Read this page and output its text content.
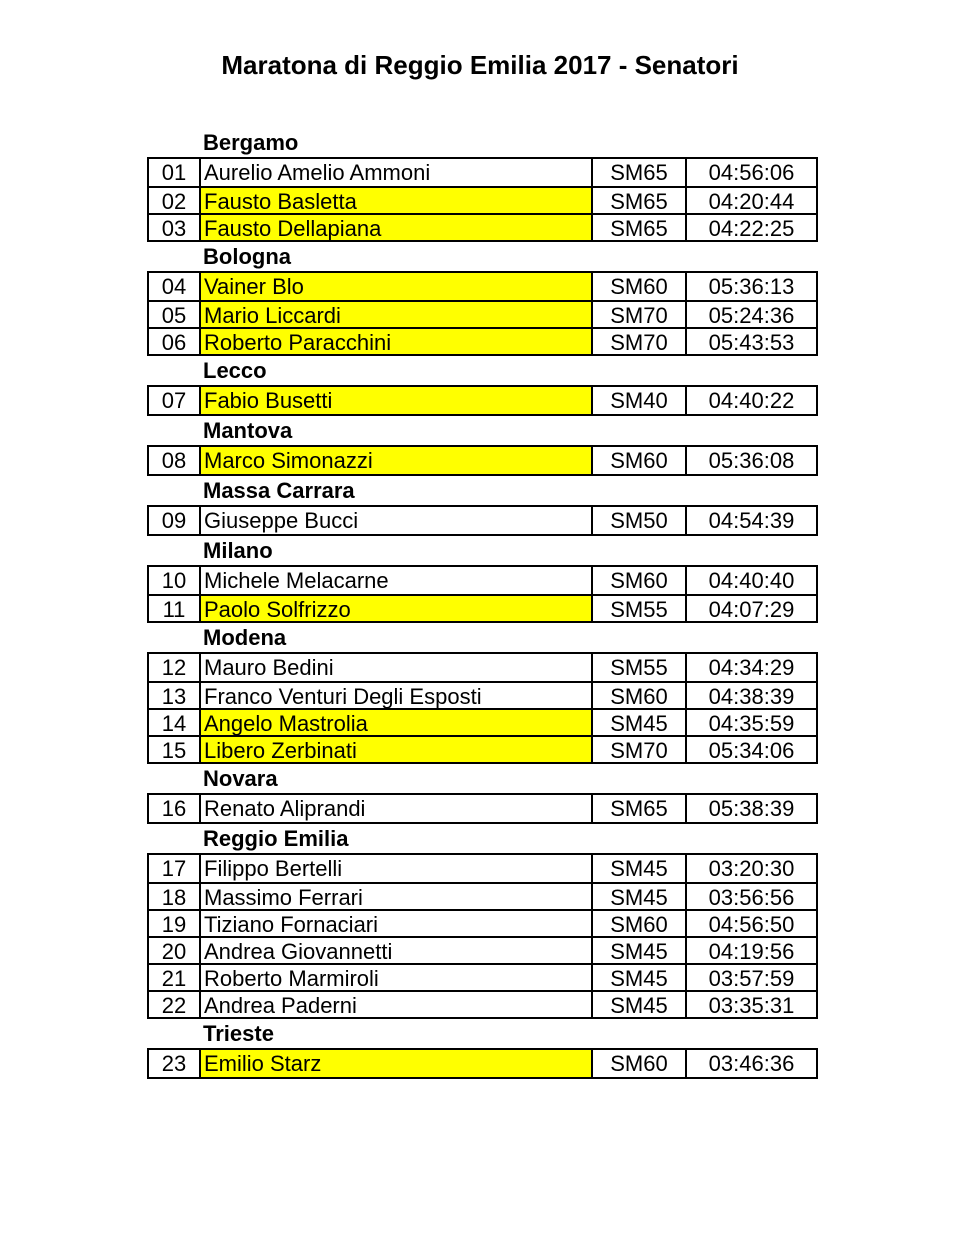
Maratona di Reggio Emilia 2017 - Senatori
Bergamo
01 Aurelio Amelio Ammoni	SM65	04:56:06
02 Fausto Basletta	SM65	04:20:44
03 Fausto Dellapiana	SM65	04:22:25
Bologna
04 Vainer Blo	SM60	05:36:13
05 Mario Liccardi	SM70	05:24:36
06 Roberto Paracchini	SM70	05:43:53
Lecco
07 Fabio Busetti	SM40	04:40:22
Mantova
08 Marco Simonazzi	SM60	05:36:08
Massa Carrara
09 Giuseppe Bucci	SM50	04:54:39
Milano
10 Michele Melacarne	SM60	04:40:40
11 Paolo Solfrizzo	SM55	04:07:29
Modena
12 Mauro Bedini	SM55	04:34:29
13 Franco Venturi Degli Esposti	SM60	04:38:39
14 Angelo Mastrolia	SM45	04:35:59
15 Libero Zerbinati	SM70	05:34:06
Novara
16 Renato Aliprandi	SM65	05:38:39
Reggio Emilia
17 Filippo Bertelli	SM45	03:20:30
18 Massimo Ferrari	SM45	03:56:56
19 Tiziano Fornaciari	SM60	04:56:50
20 Andrea Giovannetti	SM45	04:19:56
21 Roberto Marmiroli	SM45	03:57:59
22 Andrea Paderni	SM45	03:35:31
Trieste
23 Emilio Starz	SM60	03:46:36
